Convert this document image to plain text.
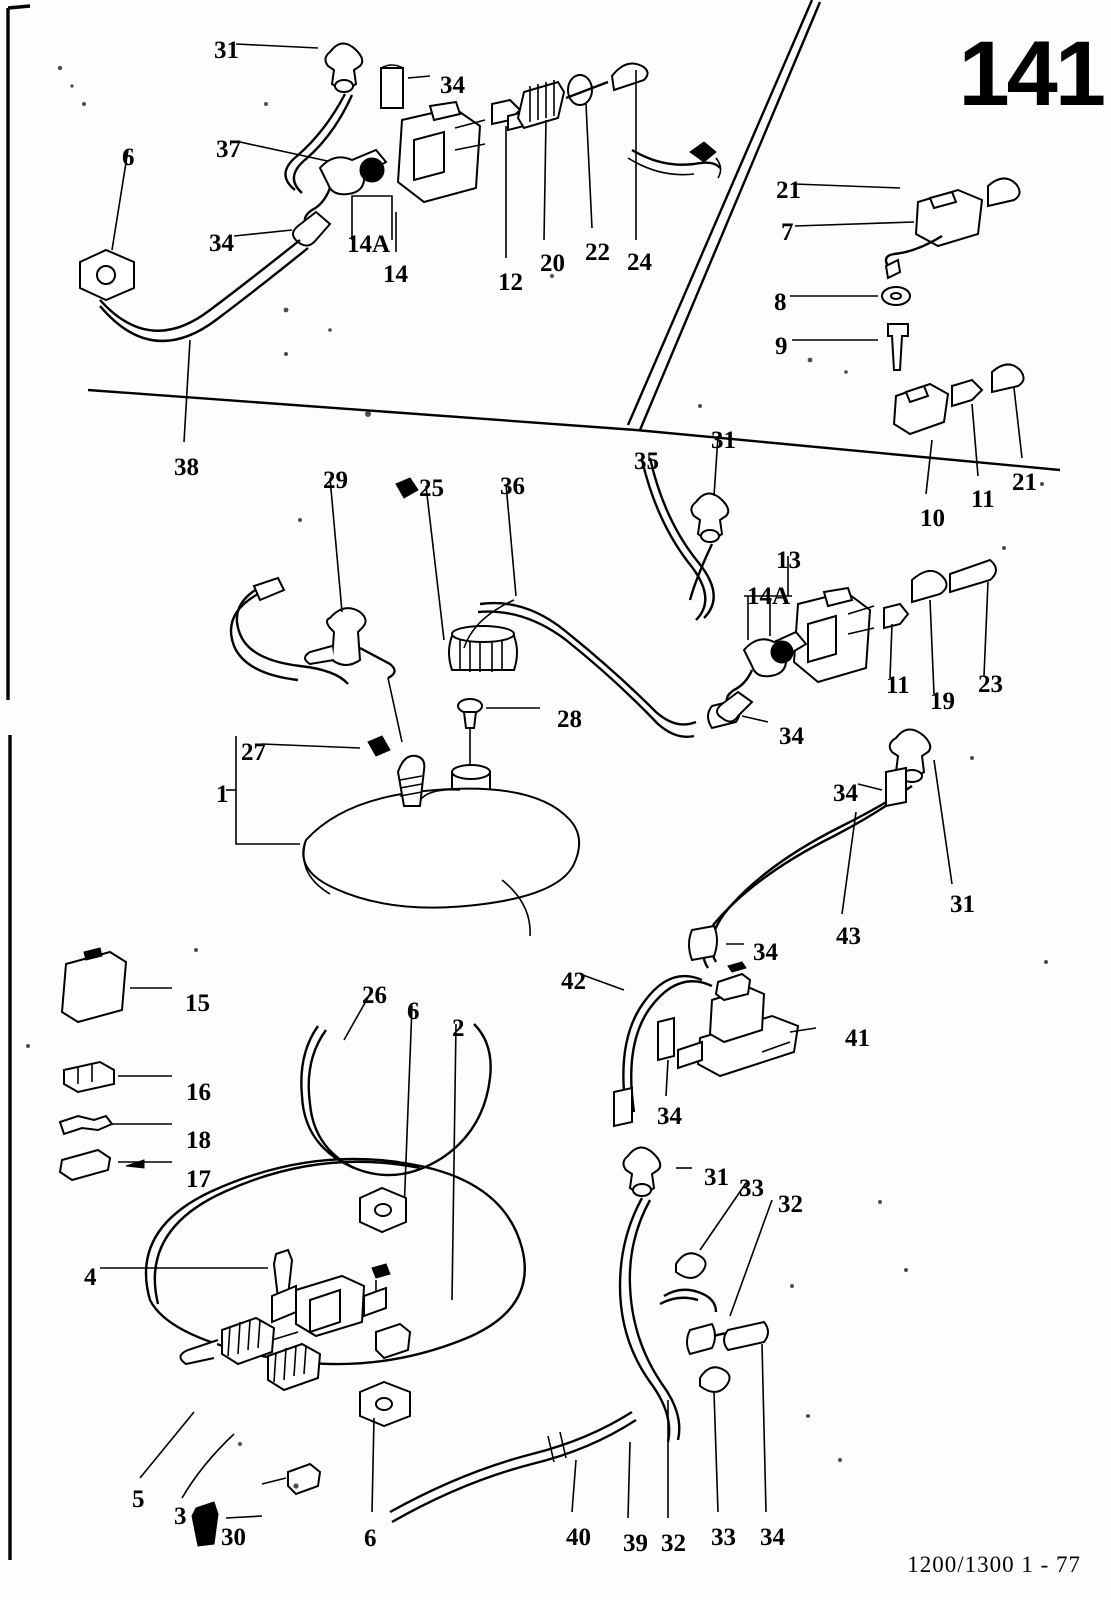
141
1200/1300 1 - 77
31
34
37
6
34	14A
14	12
20 22 24
38
21
7
8
9
10
11
21
29	25 36
35
31
13
14A
11
19
23
34
28
27
1	34
43
31
42
34
41
34
15
16
18
17
26
6
2
4
5
3
30	6	40 39 32 33 34
31 33
32
